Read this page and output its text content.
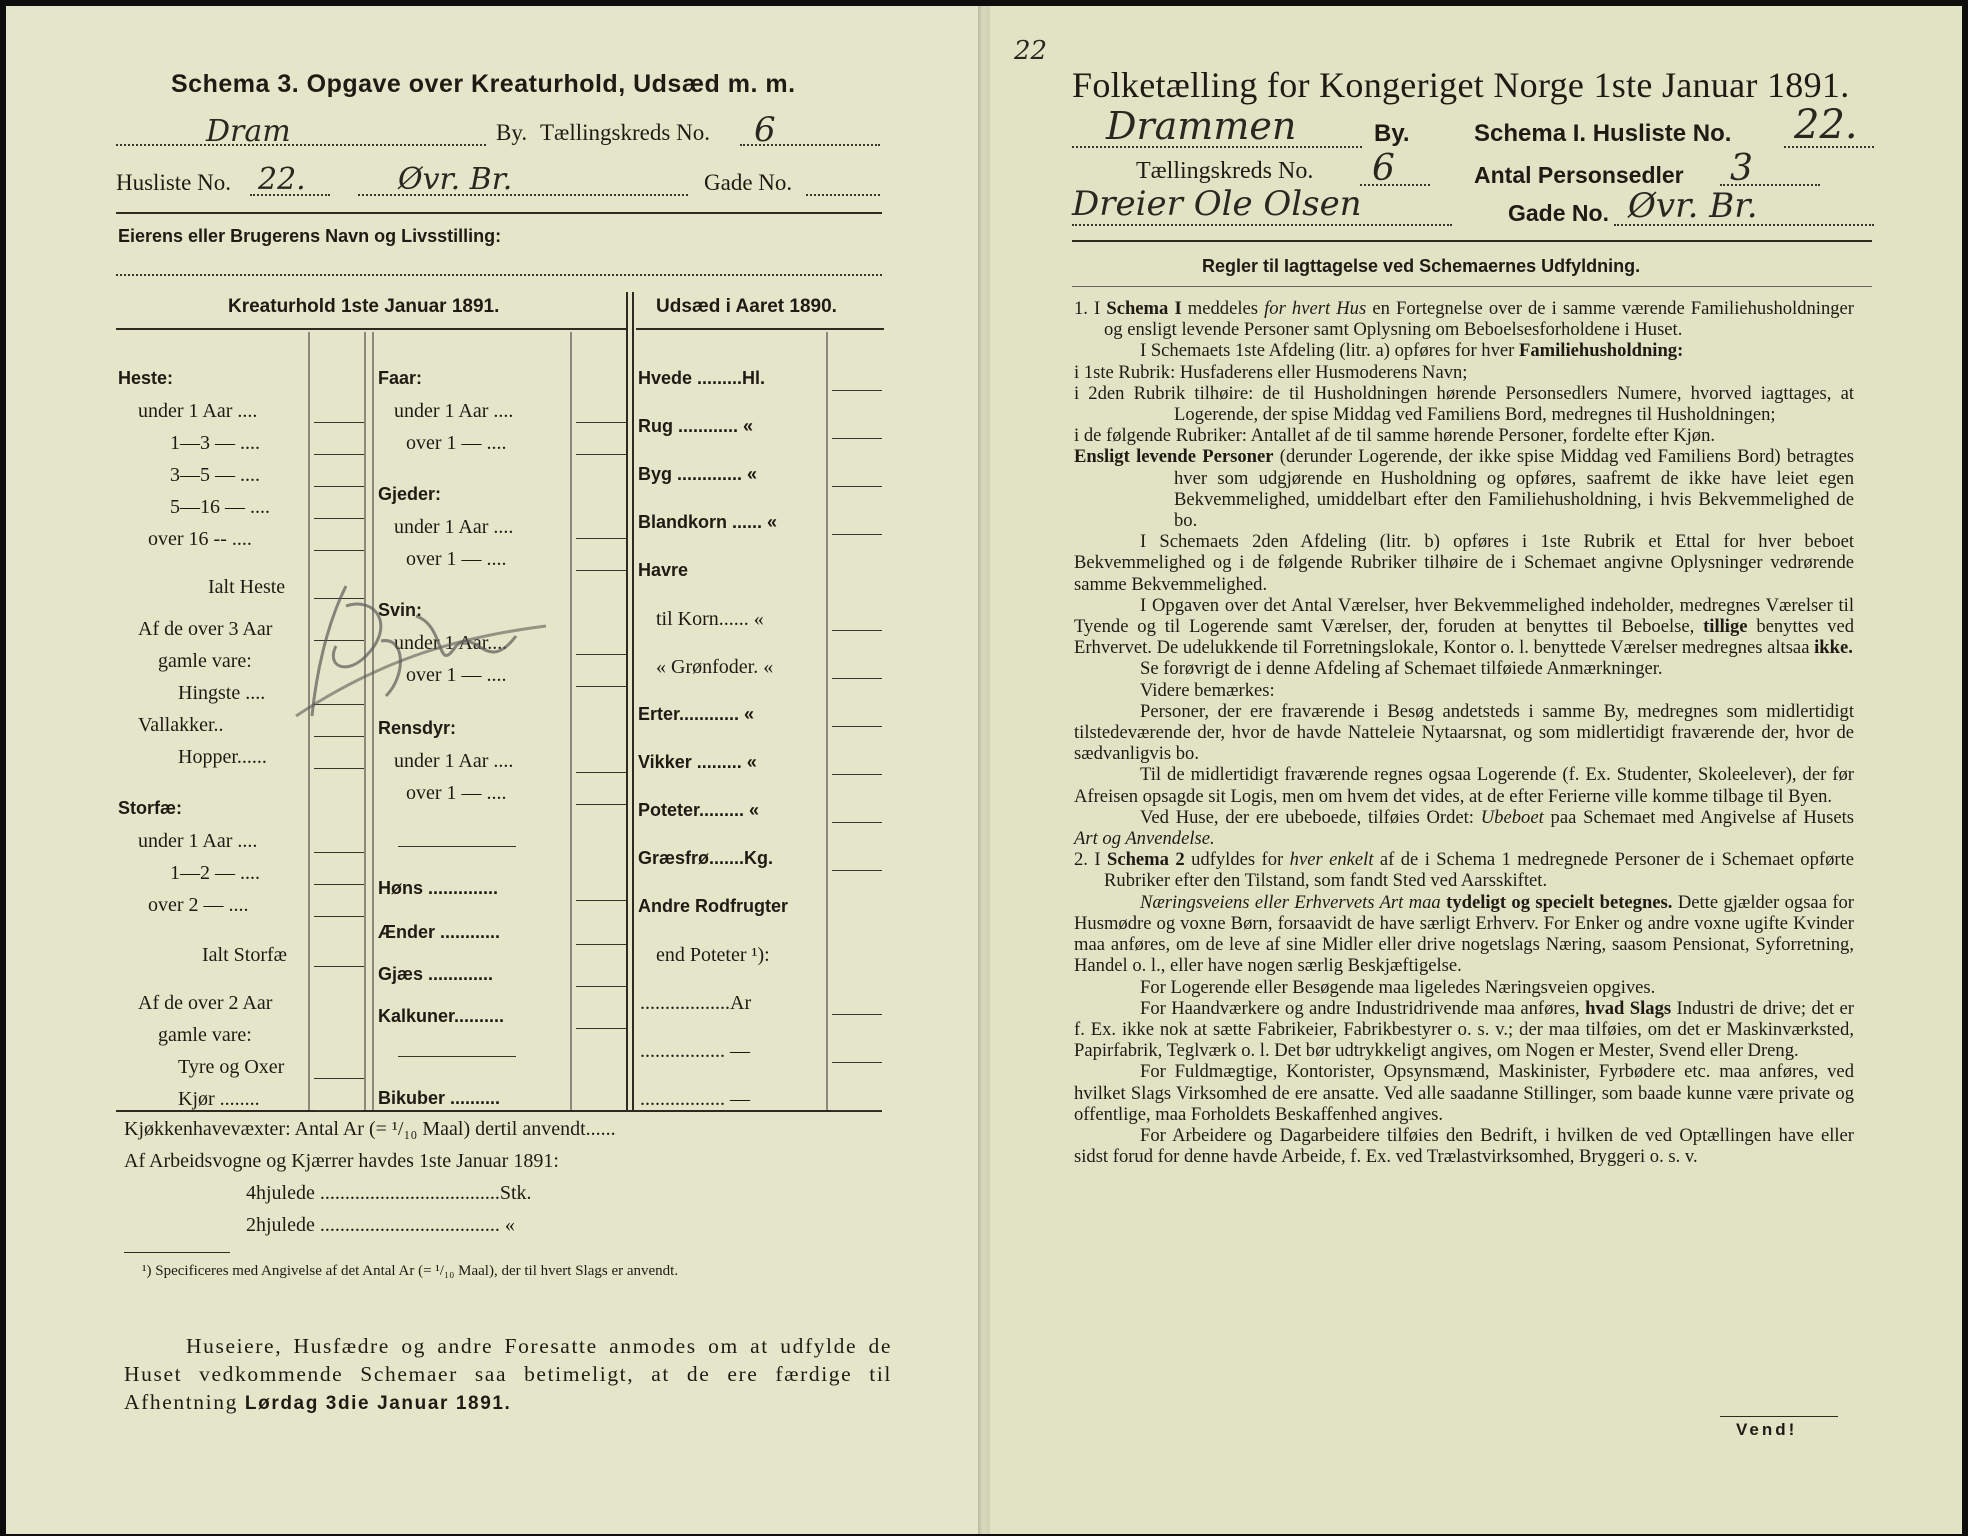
Schema 3. Opgave over Kreaturhold, Udsæd m. m.
Dram	By. Tællingskreds No. 6
Husliste No. 22.	Øvr. Br.	Gade No.
Eierens eller Brugerens Navn og Livsstilling:
Kreaturhold 1ste Januar 1891.	Udsæd i Aaret 1890.
Heste:
under 1 Aar ....
1—3 — ....
3—5 — ....
5—16 — ....
over 16 -- ....
Ialt Heste
Af de over 3 Aar
gamle vare:
Hingste ....
Vallakker..
Hopper......
Storfæ:
under 1 Aar ....
1—2 — ....
over 2 — ....
Ialt Storfæ
Af de over 2 Aar
gamle vare:
Tyre og Oxer
Kjør ........
Faar:
under 1 Aar ....
over 1 — ....
Gjeder:
under 1 Aar ....
over 1 — ....
Svin:
under 1 Aar....
over 1 — ....
Rensdyr:
under 1 Aar ....
over 1 — ....
Høns ..............
Ænder ............
Gjæs .............
Kalkuner..........
Bikuber ..........
Hvede .........Hl.
Rug ............ «
Byg ............. «
Blandkorn ...... «
Havre
til Korn...... «
« Grønfoder. «
Erter............ «
Vikker ......... «
Poteter......... «
Græsfrø.......Kg.
Andre Rodfrugter
end Poteter ¹):
..................Ar
................. —
................. —
Kjøkkenhavevæxter: Antal Ar (= ¹/₁₀ Maal) dertil anvendt......
Af Arbeidsvogne og Kjærrer havdes 1ste Januar 1891:
4hjulede ....................................Stk.
2hjulede .................................... «
¹) Specificeres med Angivelse af det Antal Ar (= ¹/₁₀ Maal), der til hvert Slags er anvendt.
Huseiere, Husfædre og andre Foresatte anmodes om at udfylde de Huset vedkommende Schemaer saa betimeligt, at de ere færdige til Afhentning Lørdag 3die Januar 1891.
22
Folketælling for Kongeriget Norge 1ste Januar 1891.
Drammen	By.	Schema I. Husliste No. 22.
Tællingskreds No. 6	Antal Personsedler 3
Dreier Ole Olsen	Gade No. Øvr. Br.
Regler til Iagttagelse ved Schemaernes Udfyldning.

1. I Schema I meddeles for hvert Hus en Fortegnelse over de i samme værende Familiehusholdninger og ensligt levende Personer samt Oplysning om Beboelsesforholdene i Huset.

I Schemaets 1ste Afdeling (litr. a) opføres for hver Familiehusholdning:

i 1ste Rubrik: Husfaderens eller Husmoderens Navn;

i 2den Rubrik tilhøire: de til Husholdningen hørende Personsedlers Numere, hvorved iagttages, at Logerende, der spise Middag ved Familiens Bord, medregnes til Husholdningen;

i de følgende Rubriker: Antallet af de til samme hørende Personer, fordelte efter Kjøn.

Ensligt levende Personer (derunder Logerende, der ikke spise Middag ved Familiens Bord) betragtes hver som udgjørende en Husholdning og opføres, saafremt de ikke have leiet egen Bekvemmelighed, umiddelbart efter den Familiehusholdning, i hvis Bekvemmelighed de bo.

I Schemaets 2den Afdeling (litr. b) opføres i 1ste Rubrik et Ettal for hver beboet Bekvemmelighed og i de følgende Rubriker tilhøire de i Schemaet angivne Oplysninger vedrørende samme Bekvemmelighed.

I Opgaven over det Antal Værelser, hver Bekvemmelighed indeholder, medregnes Værelser til Tyende og til Logerende samt Værelser, der, foruden at benyttes til Beboelse, tillige benyttes ved Erhvervet. De udelukkende til Forretningslokale, Kontor o. l. benyttede Værelser medregnes altsaa ikke.

Se forøvrigt de i denne Afdeling af Schemaet tilføiede Anmærkninger.

Videre bemærkes:

Personer, der ere fraværende i Besøg andetsteds i samme By, medregnes som midlertidigt tilstedeværende der, hvor de havde Natteleie Nytaarsnat, og som midlertidigt fraværende der, hvor de sædvanligvis bo.

Til de midlertidigt fraværende regnes ogsaa Logerende (f. Ex. Studenter, Skoleelever), der før Afreisen opsagde sit Logis, men om hvem det vides, at de efter Ferierne ville komme tilbage til Byen.

Ved Huse, der ere ubeboede, tilføies Ordet: Ubeboet paa Schemaet med Angivelse af Husets Art og Anvendelse.

2. I Schema 2 udfyldes for hver enkelt af de i Schema 1 medregnede Personer de i Schemaet opførte Rubriker efter den Tilstand, som fandt Sted ved Aarsskiftet.

Næringsveiens eller Erhvervets Art maa tydeligt og specielt betegnes. Dette gjælder ogsaa for Husmødre og voxne Børn, forsaavidt de have særligt Erhverv. For Enker og andre voxne ugifte Kvinder maa anføres, om de leve af sine Midler eller drive nogetslags Næring, saasom Pensionat, Syforretning, Handel o. l., eller have nogen særlig Beskjæftigelse.

For Logerende eller Besøgende maa ligeledes Næringsveien opgives.

For Haandværkere og andre Industridrivende maa anføres, hvad Slags Industri de drive; det er f. Ex. ikke nok at sætte Fabrikeier, Fabrikbestyrer o. s. v.; der maa tilføies, om det er Maskinværksted, Papirfabrik, Teglværk o. l. Det bør udtrykkeligt angives, om Nogen er Mester, Svend eller Dreng.

For Fuldmægtige, Kontorister, Opsynsmænd, Maskinister, Fyrbødere etc. maa anføres, ved hvilket Slags Virksomhed de ere ansatte. Ved alle saadanne Stillinger, som baade kunne være private og offentlige, maa Forholdets Beskaffenhed angives.

For Arbeidere og Dagarbeidere tilføies den Bedrift, i hvilken de ved Optællingen have eller sidst forud for denne havde Arbeide, f. Ex. ved Trælastvirksomhed, Bryggeri o. s. v.

Vend!
